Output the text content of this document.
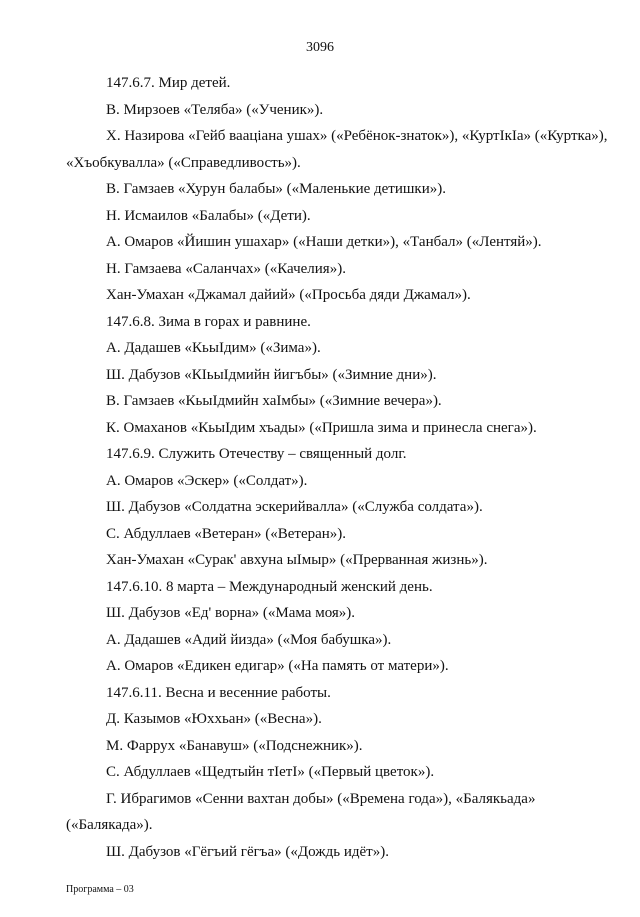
3096
147.6.7. Мир детей.
В. Мирзоев «Теляба» («Ученик»).
Х. Назирова «Гейб вааціана ушах» («Ребёнок-знаток»), «КуртІкІа» («Куртка»),
«Хъобкувалла» («Справедливость»).
В. Гамзаев «Хурун балабы» («Маленькие детишки»).
Н. Исмаилов «Балабы» («Дети).
А. Омаров «Йишин ушахар» («Наши детки»), «Танбал» («Лентяй»).
Н. Гамзаева «Саланчах» («Качелия»).
Хан-Умахан «Джамал дайий» («Просьба дяди Джамал»).
147.6.8. Зима в горах и равнине.
А. Дадашев «КьыІдим» («Зима»).
Ш. Дабузов «КІьыІдмийн йигъбы» («Зимние дни»).
В. Гамзаев «КьыІдмийн хаІмбы» («Зимние вечера»).
К. Омаханов «КьыІдим хъады» («Пришла зима и принесла снега»).
147.6.9. Служить Отечеству – священный долг.
А. Омаров «Эскер» («Солдат»).
Ш. Дабузов «Солдатна эскерийвалла» («Служба солдата»).
С. Абдуллаев «Ветеран» («Ветеран»).
Хан-Умахан «Сурак' авхуна ыІмыр» («Прерванная жизнь»).
147.6.10. 8 марта – Международный женский день.
Ш. Дабузов «Ед' ворна» («Мама моя»).
А. Дадашев «Адий йизда» («Моя бабушка»).
А. Омаров «Едикен едигар» («На память от матери»).
147.6.11. Весна и весенние работы.
Д. Казымов «Юххьан» («Весна»).
М. Фаррух «Банавуш» («Подснежник»).
С. Абдуллаев «Щедтыйн тІетІ» («Первый цветок»).
Г. Ибрагимов «Сенни вахтан добы» («Времена года»), «Балякьада»
(«Балякада»).
Ш. Дабузов «Гёгъий гёгъа» («Дождь идёт»).
Программа – 03
